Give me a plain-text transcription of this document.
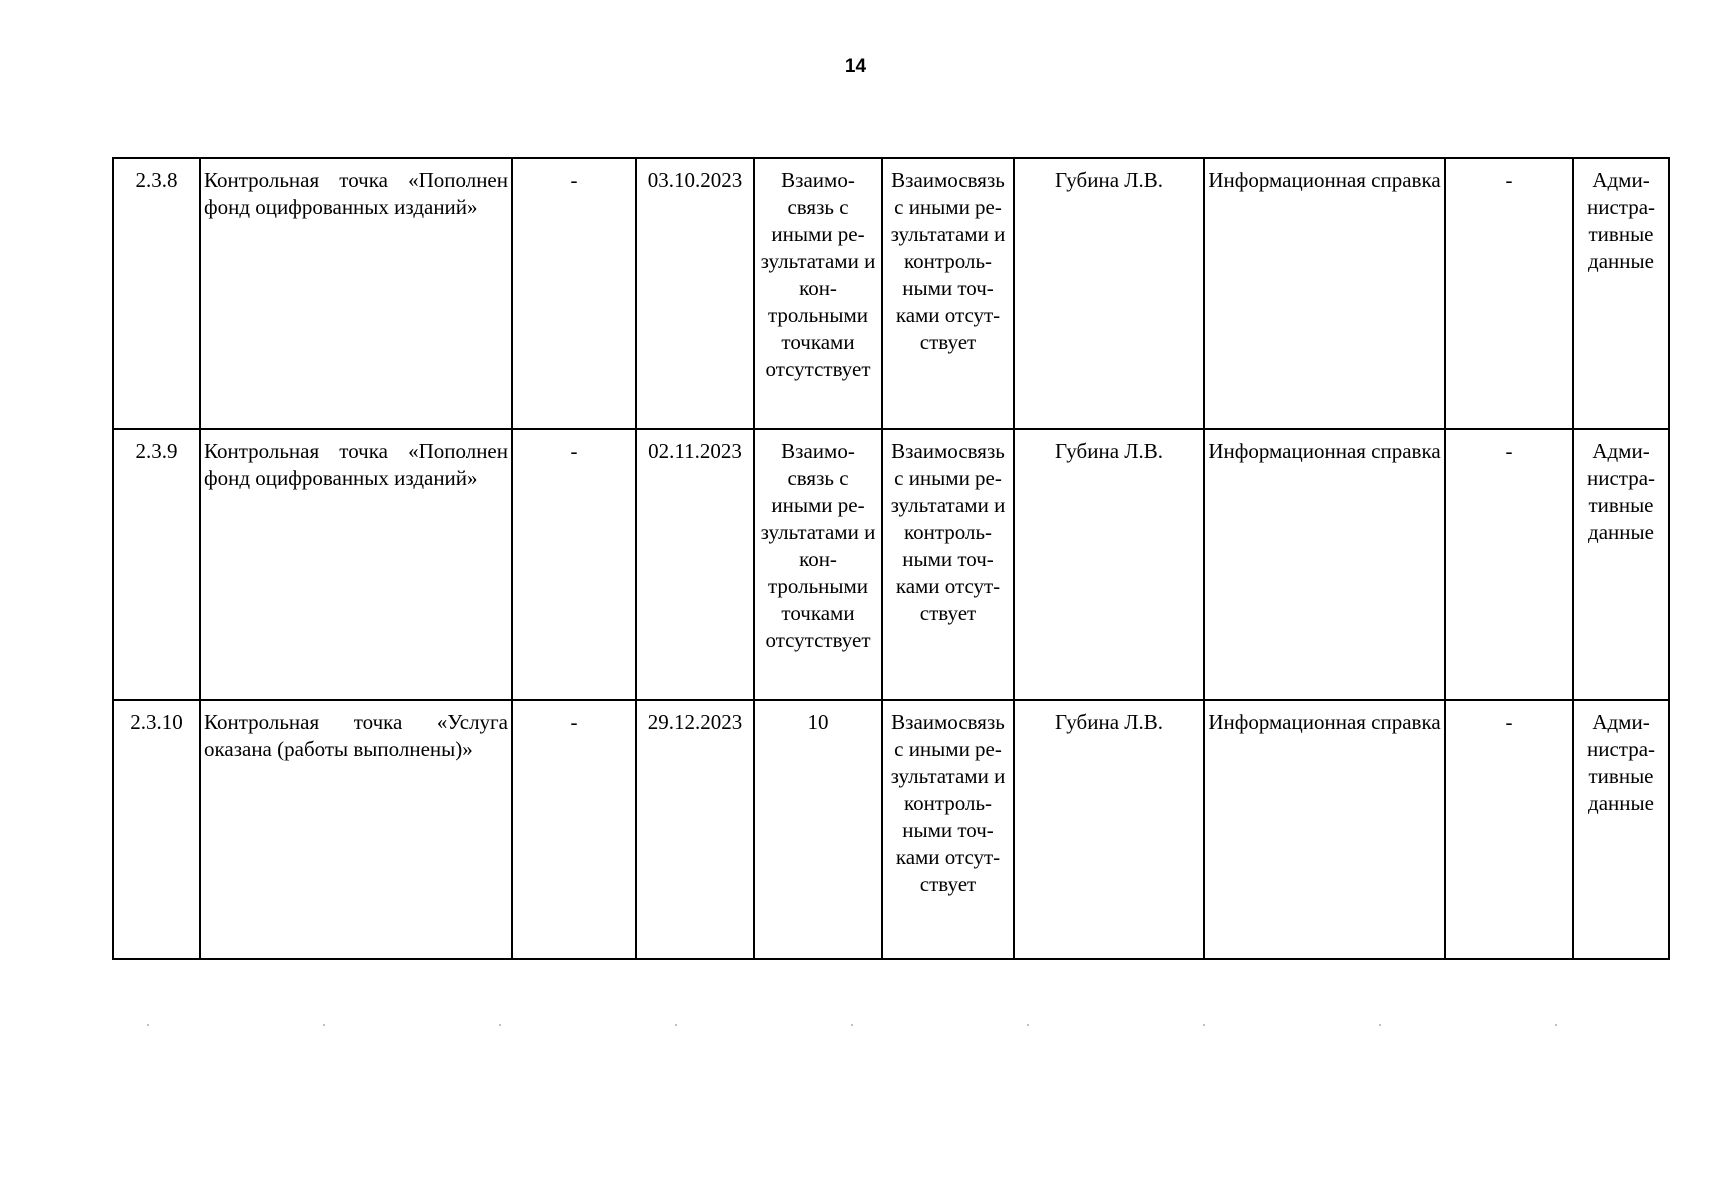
14
2.3.8	Контрольная точка «Пополнен фонд оцифрованных изданий»	-	03.10.2023	Взаимо-связь с иными ре-зультатами и кон-трольными точками отсутствует	Взаимосвязь с иными ре-зультатами и контроль-ными точ-ками отсут-ствует	Губина Л.В.	Информационная справка	-	Адми-нистра-тивные данные
2.3.9	Контрольная точка «Пополнен фонд оцифрованных изданий»	-	02.11.2023	Взаимо-связь с иными ре-зультатами и кон-трольными точками отсутствует	Взаимосвязь с иными ре-зультатами и контроль-ными точ-ками отсут-ствует	Губина Л.В.	Информационная справка	-	Адми-нистра-тивные данные
2.3.10	Контрольная точка «Услуга оказана (работы выполнены)»	-	29.12.2023	10	Взаимосвязь с иными ре-зультатами и контроль-ными точ-ками отсут-ствует	Губина Л.В.	Информационная справка	-	Адми-нистра-тивные данные
